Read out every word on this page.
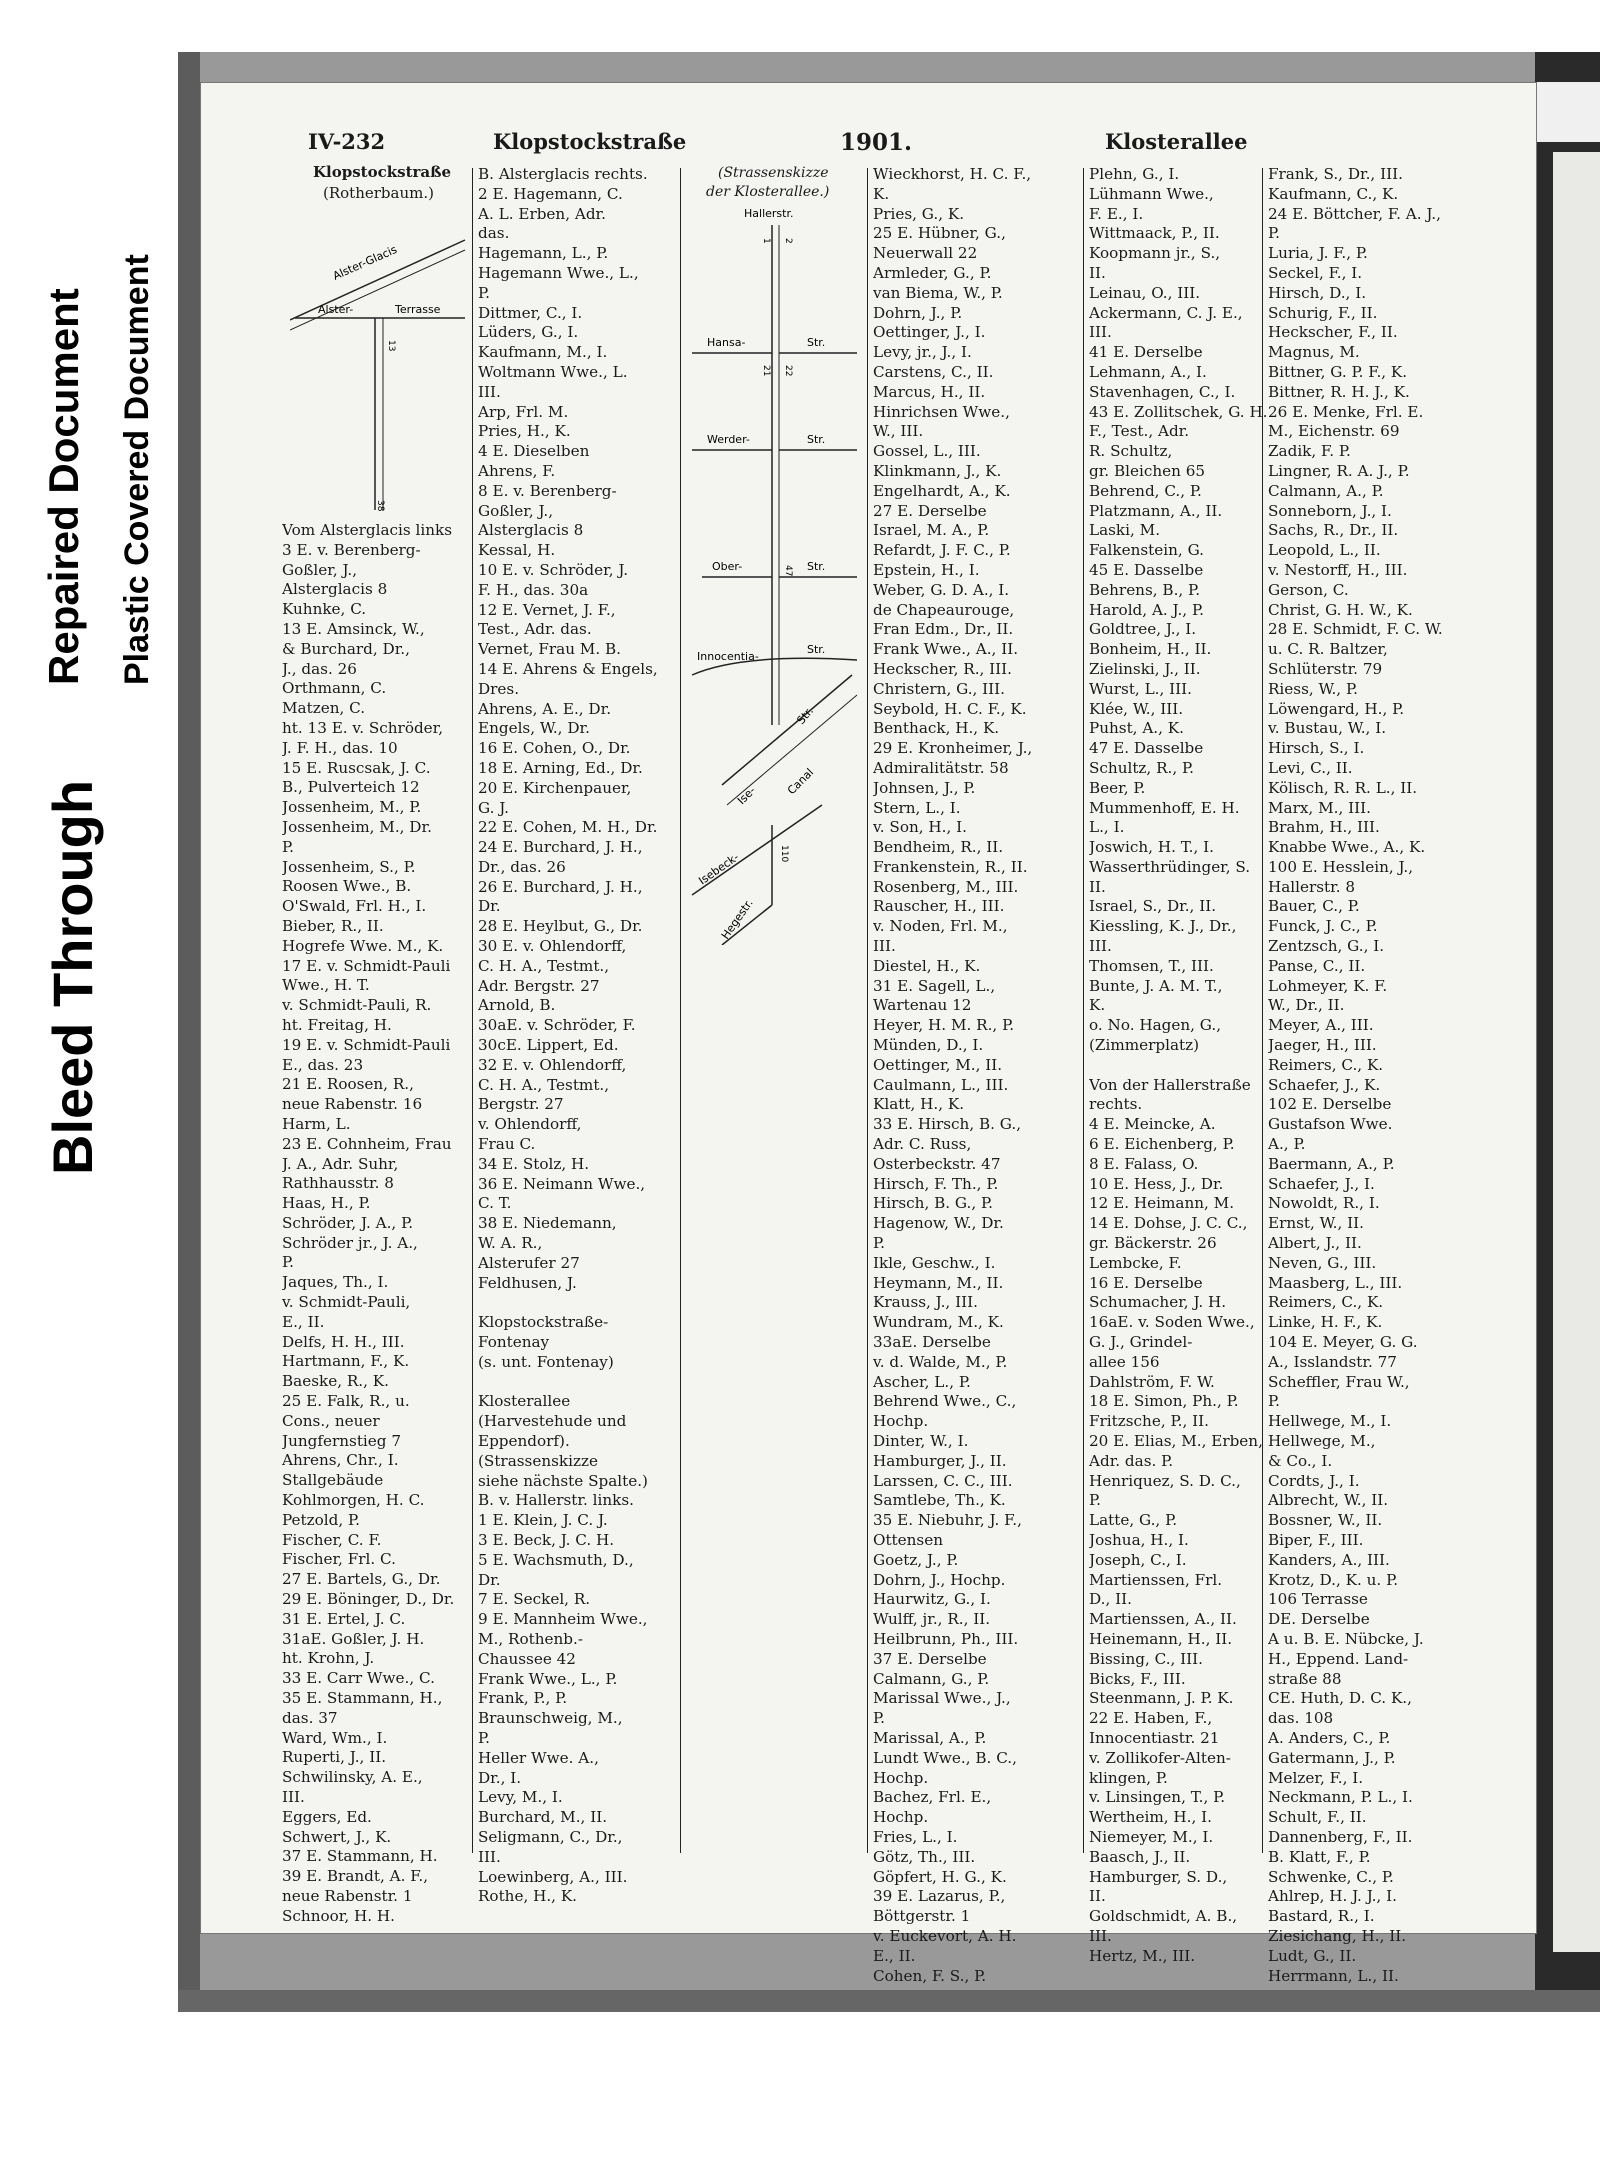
Bleed Through
Repaired Document Plastic Covered Document
IV-232	Klopstockstraße	1901.	Klosterallee
Klopstockstraße
(Rotherbaum.)
Alster-Glacis
Alster-	Terrasse
13
38
(Strassenskizze
der Klosterallee.)
Hallerstr.
Hansa-	Str.
Werder-	Str.
Ober-	Str.
Innocentia-
Str.
Str.
Ise- Canal
Isebeck-	110
Hegestr.
1 2
21 22
47
Vom Alsterglacis links
3 E. v. Berenberg-
Goßler, J.,
Alsterglacis 8
Kuhnke, C.
13 E. Amsinck, W.,
& Burchard, Dr.,
J., das. 26
Orthmann, C.
Matzen, C.
ht. 13 E. v. Schröder,
J. F. H., das. 10
15 E. Ruscsak, J. C.
B., Pulverteich 12
Jossenheim, M., P.
Jossenheim, M., Dr.
P.
Jossenheim, S., P.
Roosen Wwe., B.
O'Swald, Frl. H., I.
Bieber, R., II.
Hogrefe Wwe. M., K.
17 E. v. Schmidt-Pauli
Wwe., H. T.
v. Schmidt-Pauli, R.
ht. Freitag, H.
19 E. v. Schmidt-Pauli
E., das. 23
21 E. Roosen, R.,
neue Rabenstr. 16
Harm, L.
23 E. Cohnheim, Frau
J. A., Adr. Suhr,
Rathhausstr. 8
Haas, H., P.
Schröder, J. A., P.
Schröder jr., J. A.,
P.
Jaques, Th., I.
v. Schmidt-Pauli,
E., II.
Delfs, H. H., III.
Hartmann, F., K.
Baeske, R., K.
25 E. Falk, R., u.
Cons., neuer
Jungfernstieg 7
Ahrens, Chr., I.
Stallgebäude
Kohlmorgen, H. C.
Petzold, P.
Fischer, C. F.
Fischer, Frl. C.
27 E. Bartels, G., Dr.
29 E. Böninger, D., Dr.
31 E. Ertel, J. C.
31aE. Goßler, J. H.
ht. Krohn, J.
33 E. Carr Wwe., C.
35 E. Stammann, H.,
das. 37
Ward, Wm., I.
Ruperti, J., II.
Schwilinsky, A. E.,
III.
Eggers, Ed.
Schwert, J., K.
37 E. Stammann, H.
39 E. Brandt, A. F.,
neue Rabenstr. 1
Schnoor, H. H.
B. Alsterglacis rechts.
2 E. Hagemann, C.
A. L. Erben, Adr.
das.
Hagemann, L., P.
Hagemann Wwe., L.,
P.
Dittmer, C., I.
Lüders, G., I.
Kaufmann, M., I.
Woltmann Wwe., L.
III.
Arp, Frl. M.
Pries, H., K.
4 E. Dieselben
Ahrens, F.
8 E. v. Berenberg-
Goßler, J.,
Alsterglacis 8
Kessal, H.
10 E. v. Schröder, J.
F. H., das. 30a
12 E. Vernet, J. F.,
Test., Adr. das.
Vernet, Frau M. B.
14 E. Ahrens & Engels,
Dres.
Ahrens, A. E., Dr.
Engels, W., Dr.
16 E. Cohen, O., Dr.
18 E. Arning, Ed., Dr.
20 E. Kirchenpauer,
G. J.
22 E. Cohen, M. H., Dr.
24 E. Burchard, J. H.,
Dr., das. 26
26 E. Burchard, J. H.,
Dr.
28 E. Heylbut, G., Dr.
30 E. v. Ohlendorff,
C. H. A., Testmt.,
Adr. Bergstr. 27
Arnold, B.
30aE. v. Schröder, F.
30cE. Lippert, Ed.
32 E. v. Ohlendorff,
C. H. A., Testmt.,
Bergstr. 27
v. Ohlendorff,
Frau C.
34 E. Stolz, H.
36 E. Neimann Wwe.,
C. T.
38 E. Niedemann,
W. A. R.,
Alsterufer 27
Feldhusen, J.
Klopstockstraße-
Fontenay
(s. unt. Fontenay)
Klosterallee
(Harvestehude und
Eppendorf).
(Strassenskizze
siehe nächste Spalte.)
B. v. Hallerstr. links.
1 E. Klein, J. C. J.
3 E. Beck, J. C. H.
5 E. Wachsmuth, D.,
Dr.
7 E. Seckel, R.
9 E. Mannheim Wwe.,
M., Rothenb.-
Chaussee 42
Frank Wwe., L., P.
Frank, P., P.
Braunschweig, M.,
P.
Heller Wwe. A.,
Dr., I.
Levy, M., I.
Burchard, M., II.
Seligmann, C., Dr.,
III.
Loewinberg, A., III.
Rothe, H., K.
Wieckhorst, H. C. F.,
K.
Pries, G., K.
25 E. Hübner, G.,
Neuerwall 22
Armleder, G., P.
van Biema, W., P.
Dohrn, J., P.
Oettinger, J., I.
Levy, jr., J., I.
Carstens, C., II.
Marcus, H., II.
Hinrichsen Wwe.,
W., III.
Gossel, L., III.
Klinkmann, J., K.
Engelhardt, A., K.
27 E. Derselbe
Israel, M. A., P.
Refardt, J. F. C., P.
Epstein, H., I.
Weber, G. D. A., I.
de Chapeaurouge,
Fran Edm., Dr., II.
Frank Wwe., A., II.
Heckscher, R., III.
Christern, G., III.
Seybold, H. C. F., K.
Benthack, H., K.
29 E. Kronheimer, J.,
Admiralitätstr. 58
Johnsen, J., P.
Stern, L., I.
v. Son, H., I.
Bendheim, R., II.
Frankenstein, R., II.
Rosenberg, M., III.
Rauscher, H., III.
v. Noden, Frl. M.,
III.
Diestel, H., K.
31 E. Sagell, L.,
Wartenau 12
Heyer, H. M. R., P.
Münden, D., I.
Oettinger, M., II.
Caulmann, L., III.
Klatt, H., K.
33 E. Hirsch, B. G.,
Adr. C. Russ,
Osterbeckstr. 47
Hirsch, F. Th., P.
Hirsch, B. G., P.
Hagenow, W., Dr.
P.
Ikle, Geschw., I.
Heymann, M., II.
Krauss, J., III.
Wundram, M., K.
33aE. Derselbe
v. d. Walde, M., P.
Ascher, L., P.
Behrend Wwe., C.,
Hochp.
Dinter, W., I.
Hamburger, J., II.
Larssen, C. C., III.
Samtlebe, Th., K.
35 E. Niebuhr, J. F.,
Ottensen
Goetz, J., P.
Dohrn, J., Hochp.
Haurwitz, G., I.
Wulff, jr., R., II.
Heilbrunn, Ph., III.
37 E. Derselbe
Calmann, G., P.
Marissal Wwe., J.,
P.
Marissal, A., P.
Lundt Wwe., B. C.,
Hochp.
Bachez, Frl. E.,
Hochp.
Fries, L., I.
Götz, Th., III.
Göpfert, H. G., K.
39 E. Lazarus, P.,
Böttgerstr. 1
v. Euckevort, A. H.
E., II.
Cohen, F. S., P.
Plehn, G., I.
Lühmann Wwe.,
F. E., I.
Wittmaack, P., II.
Koopmann jr., S.,
II.
Leinau, O., III.
Ackermann, C. J. E.,
III.
41 E. Derselbe
Lehmann, A., I.
Stavenhagen, C., I.
43 E. Zollitschek, G. H.
F., Test., Adr.
R. Schultz,
gr. Bleichen 65
Behrend, C., P.
Platzmann, A., II.
Laski, M.
Falkenstein, G.
45 E. Dasselbe
Behrens, B., P.
Harold, A. J., P.
Goldtree, J., I.
Bonheim, H., II.
Zielinski, J., II.
Wurst, L., III.
Klée, W., III.
Puhst, A., K.
47 E. Dasselbe
Schultz, R., P.
Beer, P.
Mummenhoff, E. H.
L., I.
Joswich, H. T., I.
Wasserthrüdinger, S.
II.
Israel, S., Dr., II.
Kiessling, K. J., Dr.,
III.
Thomsen, T., III.
Bunte, J. A. M. T.,
K.
o. No. Hagen, G.,
(Zimmerplatz)
Von der Hallerstraße
rechts.
4 E. Meincke, A.
6 E. Eichenberg, P.
8 E. Falass, O.
10 E. Hess, J., Dr.
12 E. Heimann, M.
14 E. Dohse, J. C. C.,
gr. Bäckerstr. 26
Lembcke, F.
16 E. Derselbe
Schumacher, J. H.
16aE. v. Soden Wwe.,
G. J., Grindel-
allee 156
Dahlström, F. W.
18 E. Simon, Ph., P.
Fritzsche, P., II.
20 E. Elias, M., Erben,
Adr. das. P.
Henriquez, S. D. C.,
P.
Latte, G., P.
Joshua, H., I.
Joseph, C., I.
Martienssen, Frl.
D., II.
Martienssen, A., II.
Heinemann, H., II.
Bissing, C., III.
Bicks, F., III.
Steenmann, J. P. K.
22 E. Haben, F.,
Innocentiastr. 21
v. Zollikofer-Alten-
klingen, P.
v. Linsingen, T., P.
Wertheim, H., I.
Niemeyer, M., I.
Baasch, J., II.
Hamburger, S. D.,
II.
Goldschmidt, A. B.,
III.
Hertz, M., III.
Frank, S., Dr., III.
Kaufmann, C., K.
24 E. Böttcher, F. A. J.,
P.
Luria, J. F., P.
Seckel, F., I.
Hirsch, D., I.
Schurig, F., II.
Heckscher, F., II.
Magnus, M.
Bittner, G. P. F., K.
Bittner, R. H. J., K.
26 E. Menke, Frl. E.
M., Eichenstr. 69
Zadik, F. P.
Lingner, R. A. J., P.
Calmann, A., P.
Sonneborn, J., I.
Sachs, R., Dr., II.
Leopold, L., II.
v. Nestorff, H., III.
Gerson, C.
Christ, G. H. W., K.
28 E. Schmidt, F. C. W.
u. C. R. Baltzer,
Schlüterstr. 79
Riess, W., P.
Löwengard, H., P.
v. Bustau, W., I.
Hirsch, S., I.
Levi, C., II.
Kölisch, R. R. L., II.
Marx, M., III.
Brahm, H., III.
Knabbe Wwe., A., K.
100 E. Hesslein, J.,
Hallerstr. 8
Bauer, C., P.
Funck, J. C., P.
Zentzsch, G., I.
Panse, C., II.
Lohmeyer, K. F.
W., Dr., II.
Meyer, A., III.
Jaeger, H., III.
Reimers, C., K.
Schaefer, J., K.
102 E. Derselbe
Gustafson Wwe.
A., P.
Baermann, A., P.
Schaefer, J., I.
Nowoldt, R., I.
Ernst, W., II.
Albert, J., II.
Neven, G., III.
Maasberg, L., III.
Reimers, C., K.
Linke, H. F., K.
104 E. Meyer, G. G.
A., Isslandstr. 77
Scheffler, Frau W.,
P.
Hellwege, M., I.
Hellwege, M.,
& Co., I.
Cordts, J., I.
Albrecht, W., II.
Bossner, W., II.
Biper, F., III.
Kanders, A., III.
Krotz, D., K. u. P.
106 Terrasse
DE. Derselbe
A u. B. E. Nübcke, J.
H., Eppend. Land-
straße 88
CE. Huth, D. C. K.,
das. 108
A. Anders, C., P.
Gatermann, J., P.
Melzer, F., I.
Neckmann, P. L., I.
Schult, F., II.
Dannenberg, F., II.
B. Klatt, F., P.
Schwenke, C., P.
Ahlrep, H. J. J., I.
Bastard, R., I.
Ziesichang, H., II.
Ludt, G., II.
Herrmann, L., II.
